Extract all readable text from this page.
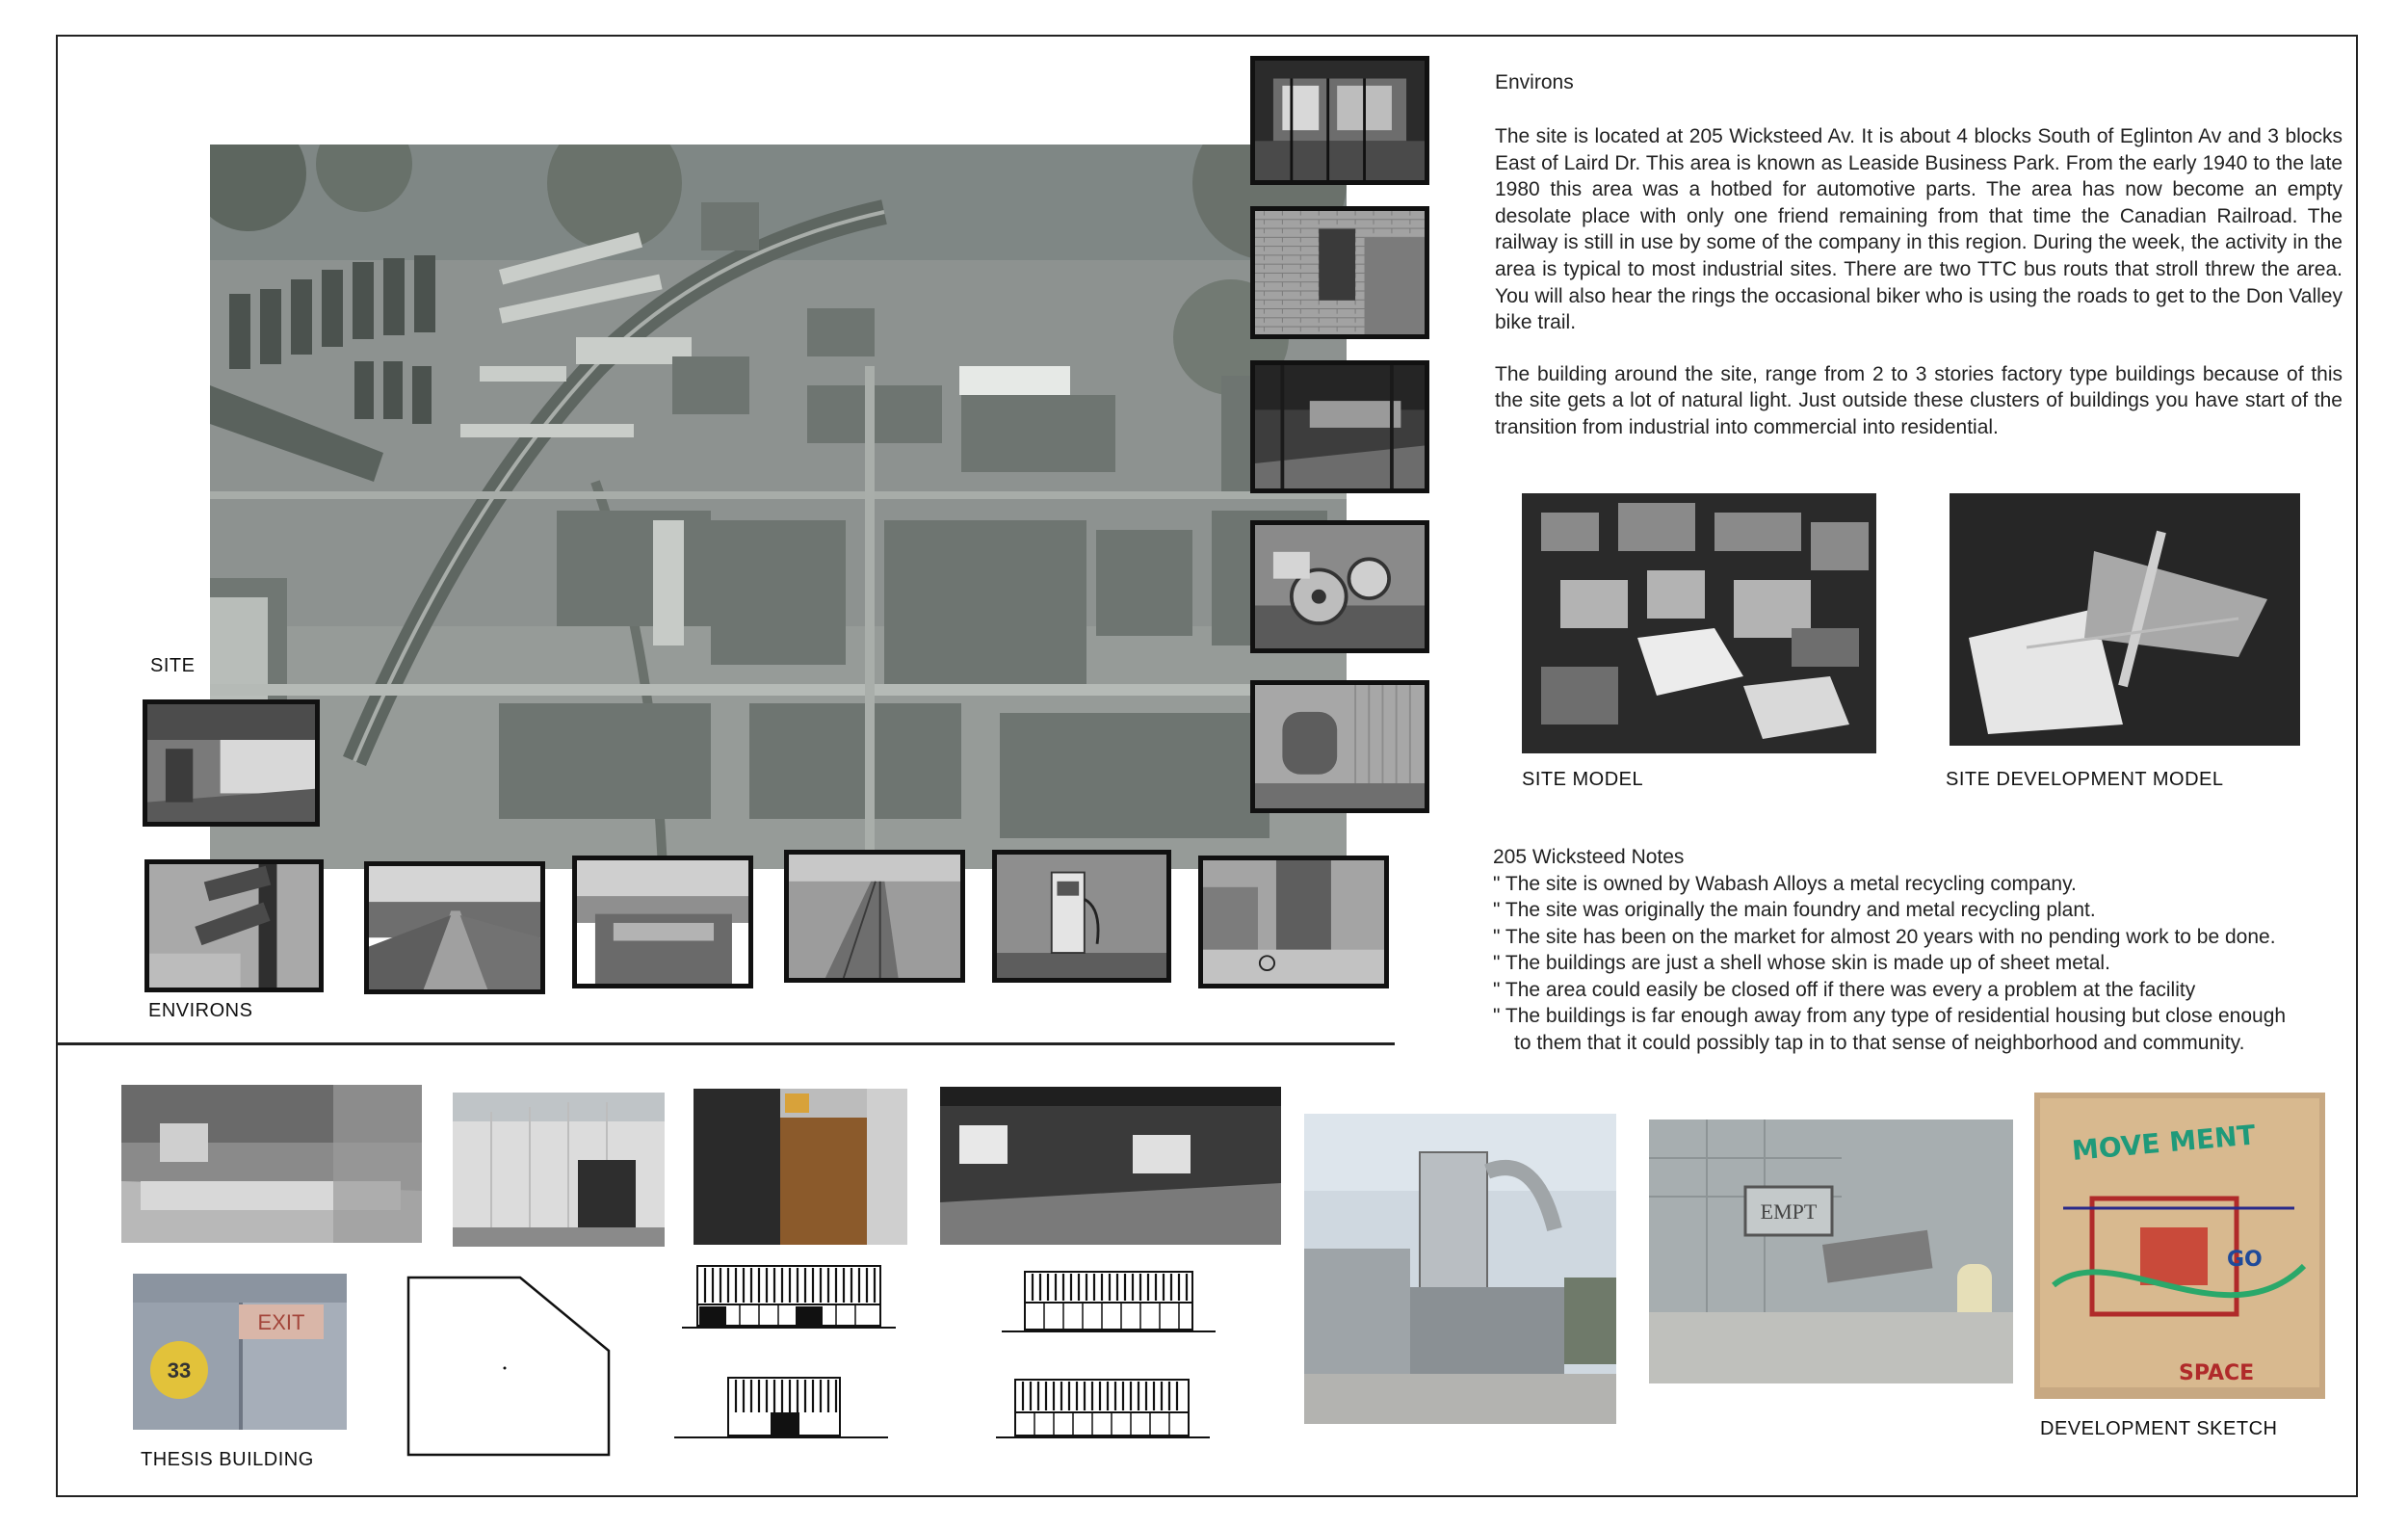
SITE
ENVIRONS
Environs

The site is located at 205 Wicksteed Av. It is about 4 blocks South of Eglinton Av and 3 blocks East of Laird Dr. This area is known as Leaside Business Park. From the early 1940 to the late 1980 this area was a hotbed for automotive parts. The area has now become an empty desolate place with only one friend remaining from that time the Canadian Railroad. The railway is still in use by some of the company in this region. During the week, the activity in the area is typical to most industrial sites. There are two TTC bus routs that stroll threw the area. You will also hear the rings the occasional biker who is using the roads to get to the Don Valley bike trail.

The building around the site, range from 2 to 3 stories factory type buildings because of this the site gets a lot of natural light. Just outside these clusters of buildings you have start of the transition from industrial into commercial into residential.

SITE MODEL	SITE DEVELOPMENT MODEL
205 Wicksteed Notes
" The site is owned by Wabash Alloys a metal recycling company.
" The site was originally the main foundry and metal recycling plant.
" The site has been on the market for almost 20 years with no pending work to be done.
" The buildings are just a shell whose skin is made up of sheet metal.
" The area could easily be closed off if there was every a problem at the facility
" The buildings is far enough away from any type of residential housing but close enough
to them that it could possibly tap in to that sense of neighborhood and community.
EMPT
MOVE MENT
GO
SPACE
EXIT
33
THESIS BUILDING
DEVELOPMENT SKETCH
